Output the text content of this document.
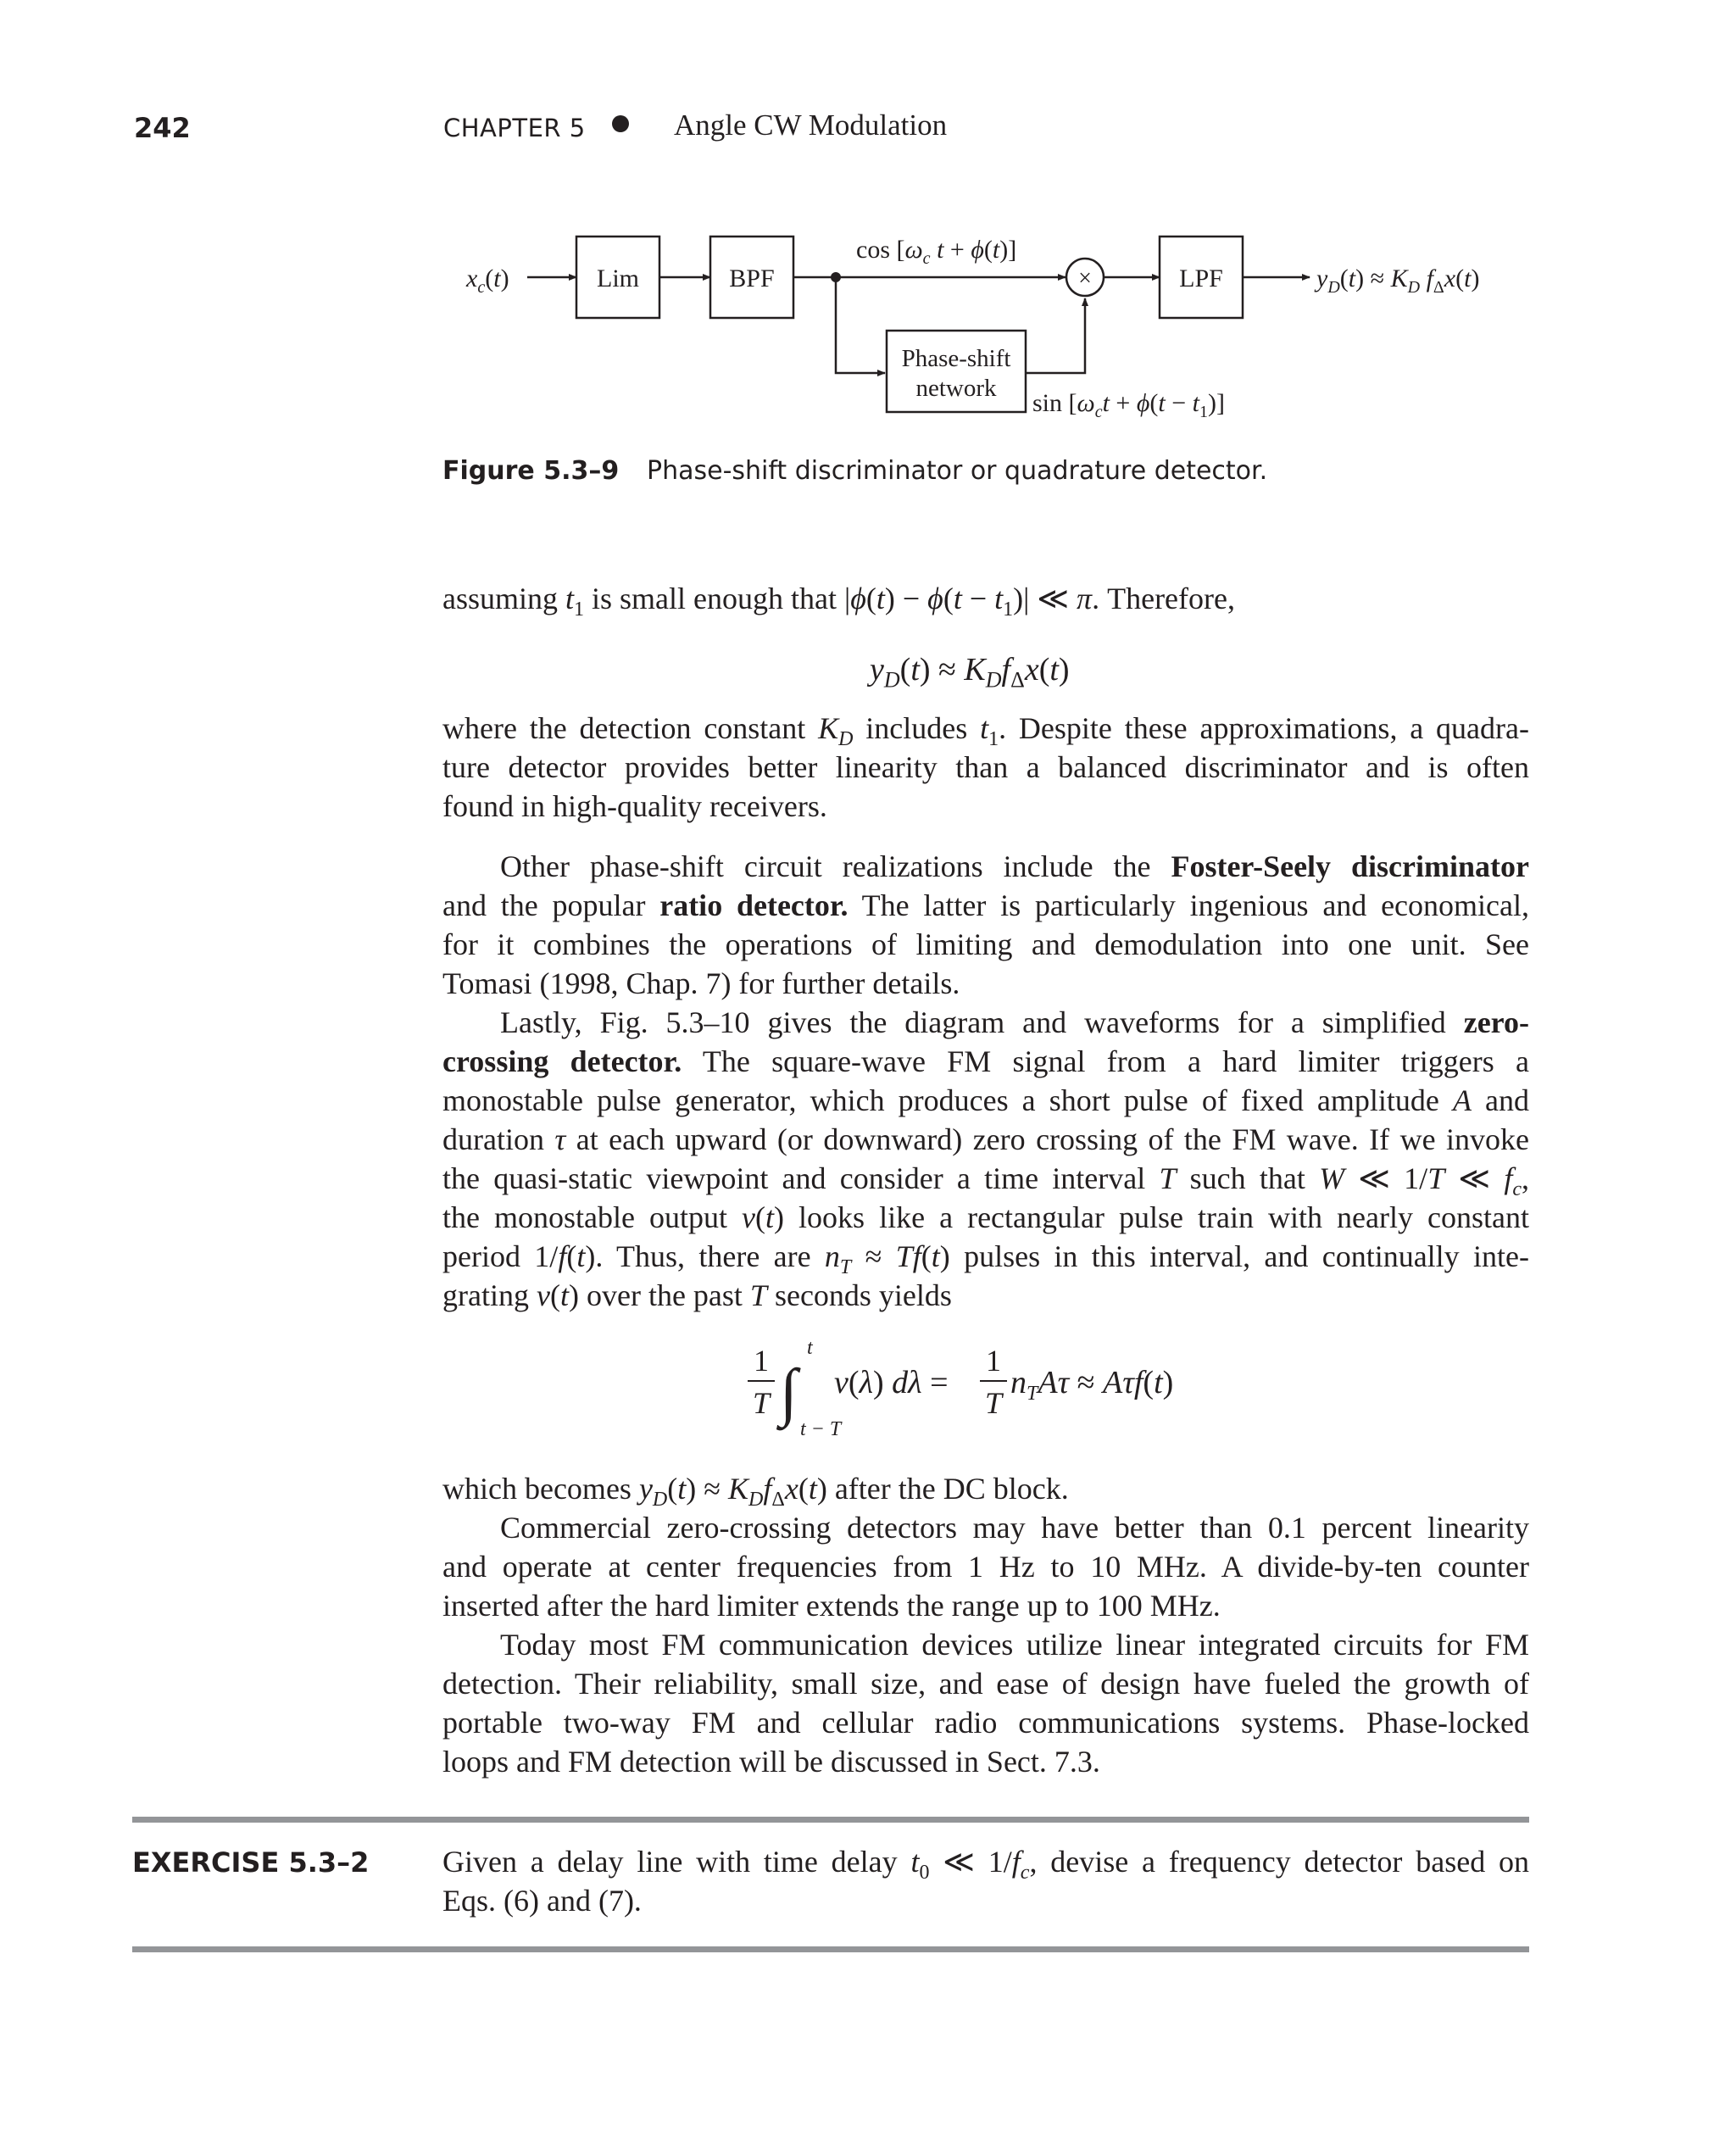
242	CHAPTER 5	Angle CW Modulation
Lim	BPF	LPF
×
Phase-shift
network
$x_c(t)$
$\cos [\omega_c$ t + ϕ(t)]
$\sin [\omega_ct + \phi(t - t_1)]$
$y_D(t) \approx K_D$ $f_\Delta x(t)$
Figure 5.3–9 Phase-shift discriminator or quadrature detector.
assuming $t_1$ is small enough that $|\phi(t) - \phi(t - t_1)|$ ≪ π. Therefore,
$y_D(t) \approx K_Df_\Delta x(t)$
where the detection constant $K_D$ includes $t_1$. Despite these approximations, a quadra-
ture detector provides better linearity than a balanced discriminator and is often
found in high-quality receivers.
Other phase-shift circuit realizations include the Foster-Seely discriminator
and the popular ratio detector. The latter is particularly ingenious and economical,
for it combines the operations of limiting and demodulation into one unit. See
Tomasi (1998, Chap. 7) for further details.
Lastly, Fig. 5.3–10 gives the diagram and waveforms for a simplified zero-
crossing detector. The square-wave FM signal from a hard limiter triggers a
monostable pulse generator, which produces a short pulse of fixed amplitude A and
duration τ at each upward (or downward) zero crossing of the FM wave. If we invoke
the quasi-static viewpoint and consider a time interval T such that W ≪ 1/T ≪ $f_c$,
the monostable output v(t) looks like a rectangular pulse train with nearly constant
period 1/f(t). Thus, there are $n_T \approx Tf(t)$ pulses in this interval, and continually inte-
grating v(t) over the past T seconds yields
1
T ∫
t
t − T
v(λ) dλ =
1
T
$n_TA\tau \approx A\tau f(t)$
which becomes $y_D(t) \approx K_Df_\Delta x(t)$ after the DC block.
Commercial zero-crossing detectors may have better than 0.1 percent linearity
and operate at center frequencies from 1 Hz to 10 MHz. A divide-by-ten counter
inserted after the hard limiter extends the range up to 100 MHz.
Today most FM communication devices utilize linear integrated circuits for FM
detection. Their reliability, small size, and ease of design have fueled the growth of
portable two-way FM and cellular radio communications systems. Phase-locked
loops and FM detection will be discussed in Sect. 7.3.
EXERCISE 5.3–2 Given a delay line with time delay $t_0$ ≪ $1/f_c$, devise a frequency detector based on
Eqs. (6) and (7).
